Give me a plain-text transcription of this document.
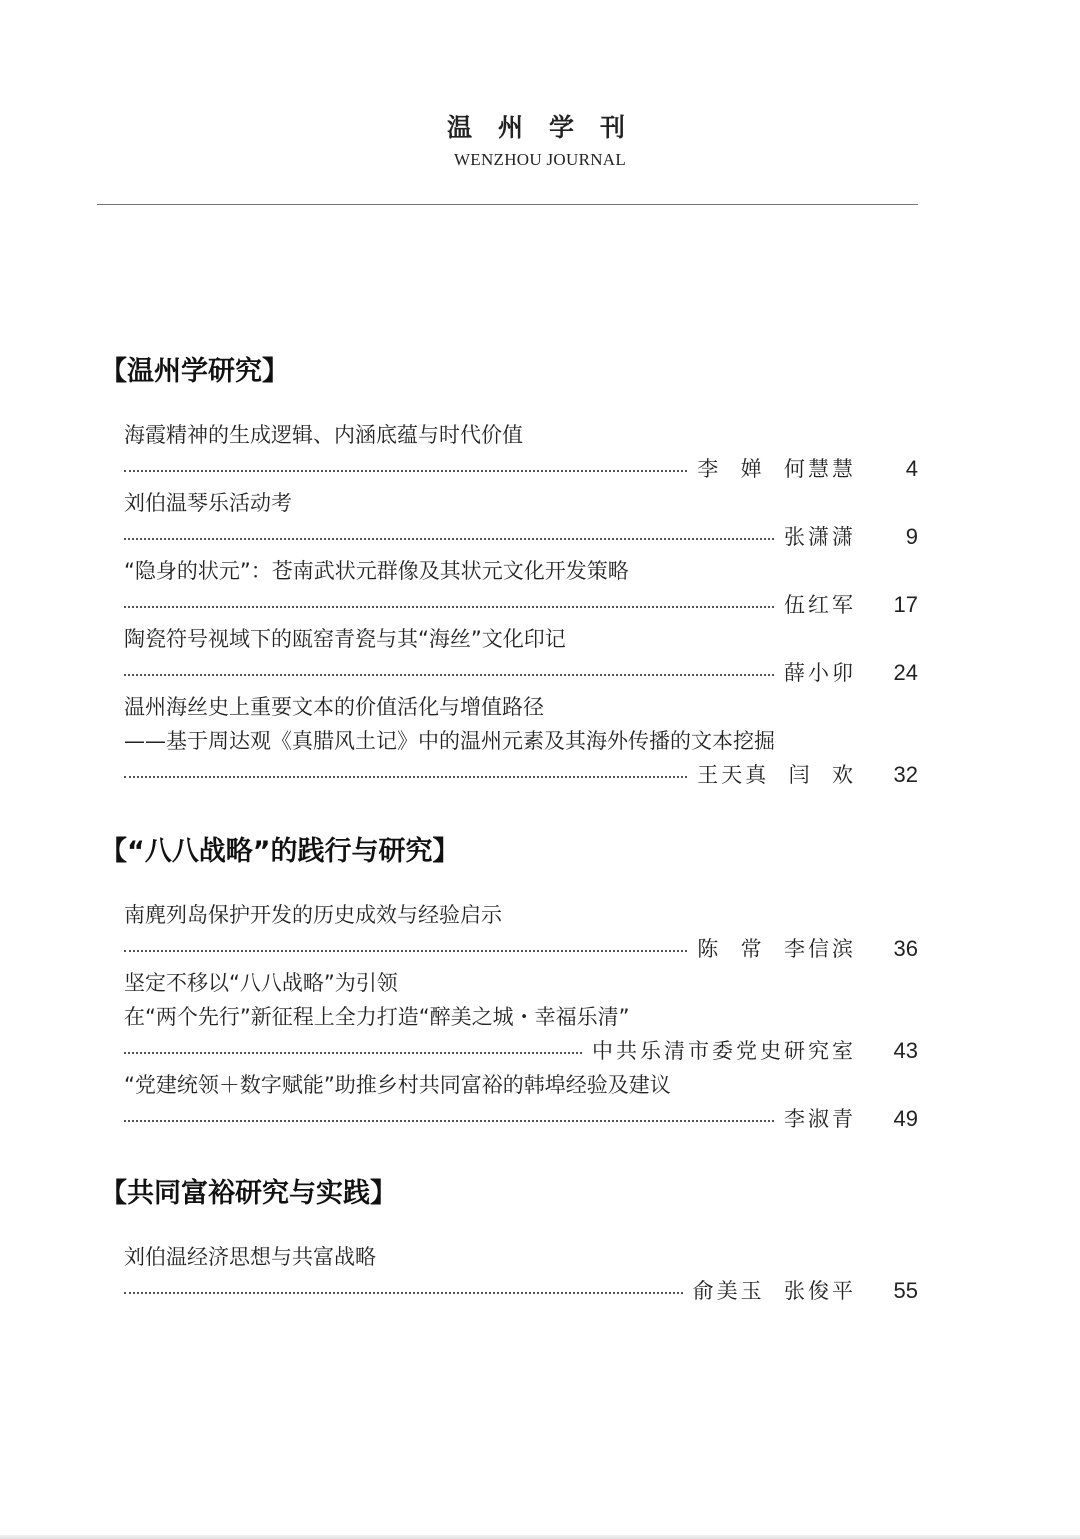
温州学刊
WENZHOU JOURNAL
【温州学研究】
海霞精神的生成逻辑、内涵底蕴与时代价值
李  婵  何慧慧	4
刘伯温琴乐活动考
张潇潇	9
“隐身的状元”：苍南武状元群像及其状元文化开发策略
伍红军	17
陶瓷符号视域下的瓯窑青瓷与其“海丝”文化印记
薛小卯	24
温州海丝史上重要文本的价值活化与增值路径
——基于周达观《真腊风土记》中的温州元素及其海外传播的文本挖掘
王天真  闫  欢	32
【“八八战略”的践行与研究】
南麂列岛保护开发的历史成效与经验启示
陈  常  李信滨	36
坚定不移以“八八战略”为引领
在“两个先行”新征程上全力打造“醉美之城・幸福乐清”
中共乐清市委党史研究室	43
“党建统领＋数字赋能”助推乡村共同富裕的韩埠经验及建议
李淑青	49
【共同富裕研究与实践】
刘伯温经济思想与共富战略
俞美玉  张俊平	55
